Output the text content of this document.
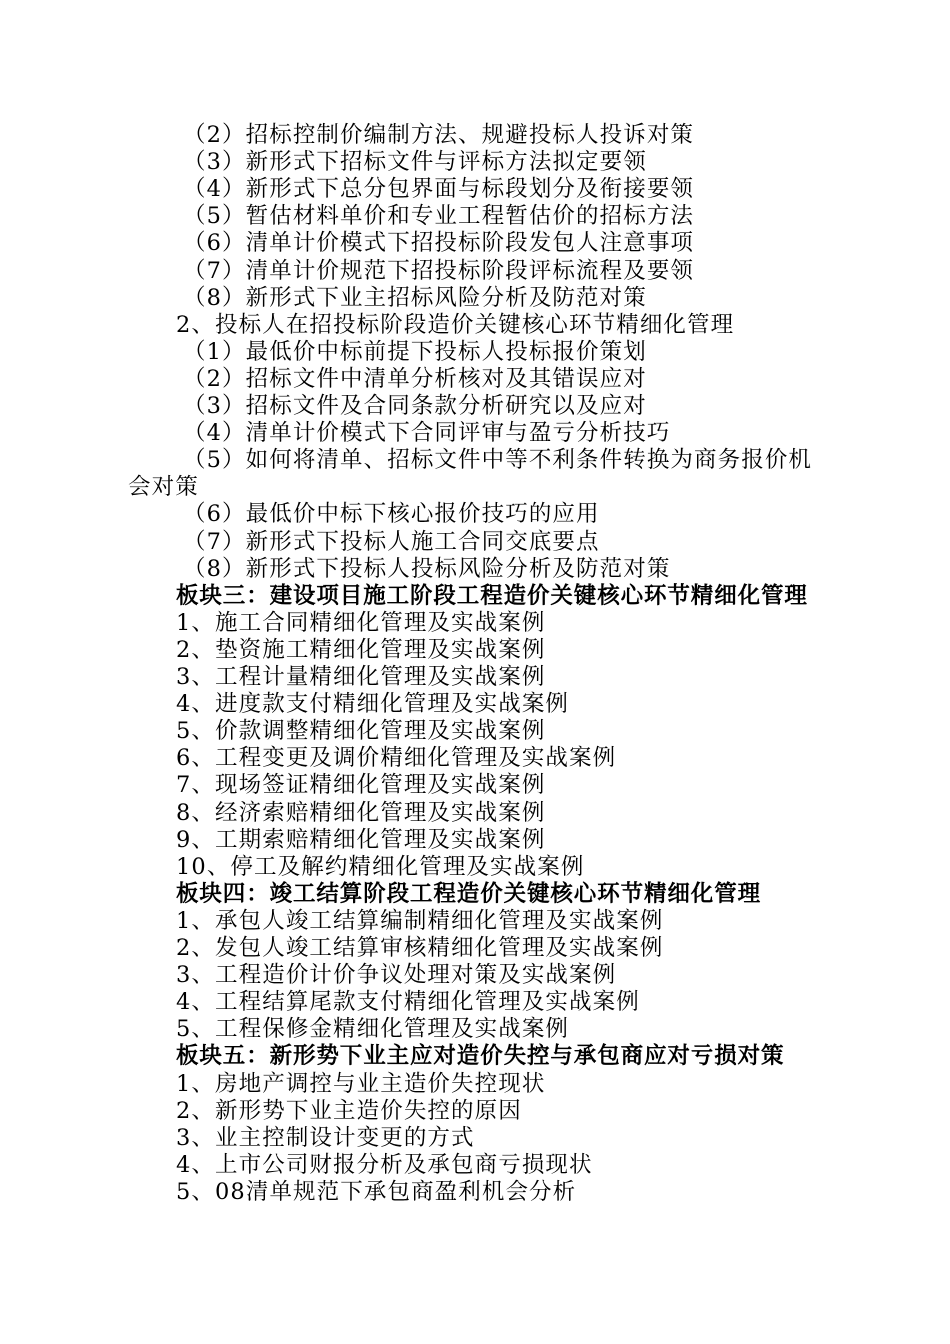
（2）招标控制价编制方法、规避投标人投诉对策
（3）新形式下招标文件与评标方法拟定要领
（4）新形式下总分包界面与标段划分及衔接要领
（5）暂估材料单价和专业工程暂估价的招标方法
（6）清单计价模式下招投标阶段发包人注意事项
（7）清单计价规范下招投标阶段评标流程及要领
（8）新形式下业主招标风险分析及防范对策
2、投标人在招投标阶段造价关键核心环节精细化管理
（1）最低价中标前提下投标人投标报价策划
（2）招标文件中清单分析核对及其错误应对
（3）招标文件及合同条款分析研究以及应对
（4）清单计价模式下合同评审与盈亏分析技巧
（5）如何将清单、招标文件中等不利条件转换为商务报价机
会对策
（6）最低价中标下核心报价技巧的应用
（7）新形式下投标人施工合同交底要点
（8）新形式下投标人投标风险分析及防范对策
板块三：建设项目施工阶段工程造价关键核心环节精细化管理
1、施工合同精细化管理及实战案例
2、垫资施工精细化管理及实战案例
3、工程计量精细化管理及实战案例
4、进度款支付精细化管理及实战案例
5、价款调整精细化管理及实战案例
6、工程变更及调价精细化管理及实战案例
7、现场签证精细化管理及实战案例
8、经济索赔精细化管理及实战案例
9、工期索赔精细化管理及实战案例
10、停工及解约精细化管理及实战案例
板块四：竣工结算阶段工程造价关键核心环节精细化管理
1、承包人竣工结算编制精细化管理及实战案例
2、发包人竣工结算审核精细化管理及实战案例
3、工程造价计价争议处理对策及实战案例
4、工程结算尾款支付精细化管理及实战案例
5、工程保修金精细化管理及实战案例
板块五：新形势下业主应对造价失控与承包商应对亏损对策
1、房地产调控与业主造价失控现状
2、新形势下业主造价失控的原因
3、业主控制设计变更的方式
4、上市公司财报分析及承包商亏损现状
5、08清单规范下承包商盈利机会分析
